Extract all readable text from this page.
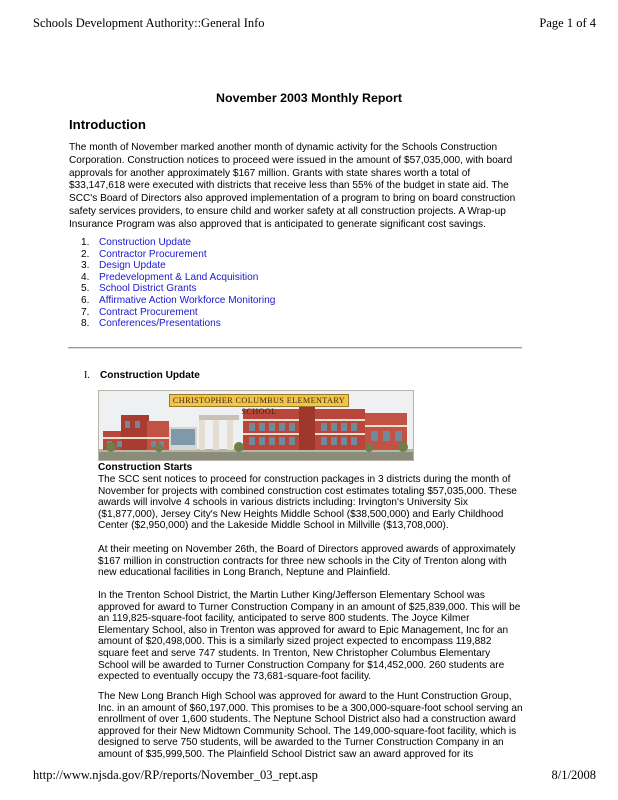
Schools Development Authority::General Info	Page 1 of 4
November 2003 Monthly Report
Introduction

The month of November marked another month of dynamic activity for the Schools Construction Corporation. Construction notices to proceed were issued in the amount of $57,035,000, with board approvals for another approximately $167 million. Grants with state shares worth a total of $33,147,618 were executed with districts that receive less than 55% of the budget in state aid. The SCC's Board of Directors also approved implementation of a program to bring on board construction safety services providers, to ensure child and worker safety at all construction projects. A Wrap-up Insurance Program was also approved that is anticipated to generate significant cost savings.

1. Construction Update
2. Contractor Procurement
3. Design Update
4. Predevelopment & Land Acquisition
5. School District Grants
6. Affirmative Action Workforce Monitoring
7. Contract Procurement
8. Conferences/Presentations
I.	Construction Update
CHRISTOPHER COLUMBUS ELEMENTARY SCHOOL
Construction Starts

The SCC sent notices to proceed for construction packages in 3 districts during the month of November for projects with combined construction cost estimates totaling $57,035,000. These awards will involve 4 schools in various districts including: Irvington's University Six ($1,877,000), Jersey City's New Heights Middle School ($38,500,000) and Early Childhood Center ($2,950,000) and the Lakeside Middle School in Millville ($13,708,000).

At their meeting on November 26th, the Board of Directors approved awards of approximately $167 million in construction contracts for three new schools in the City of Trenton along with new educational facilities in Long Branch, Neptune and Plainfield.

In the Trenton School District, the Martin Luther King/Jefferson Elementary School was approved for award to Turner Construction Company in an amount of $25,839,000. This will be an 119,825-square-foot facility, anticipated to serve 800 students. The Joyce Kilmer Elementary School, also in Trenton was approved for award to Epic Management, Inc for an amount of $20,498,000. This is a similarly sized project expected to encompass 119,882 square feet and serve 747 students. In Trenton, New Christopher Columbus Elementary School will be awarded to Turner Construction Company for $14,452,000. 260 students are expected to eventually occupy the 73,681-square-foot facility.

The New Long Branch High School was approved for award to the Hunt Construction Group, Inc. in an amount of $60,197,000. This promises to be a 300,000-square-foot school serving an enrollment of over 1,600 students. The Neptune School District also had a construction award approved for their New Midtown Community School. The 149,000-square-foot facility, which is designed to serve 750 students, will be awarded to the Turner Construction Company in an amount of $35,999,500. The Plainfield School District saw an award approved for its

http://www.njsda.gov/RP/reports/November_03_rept.asp	8/1/2008
